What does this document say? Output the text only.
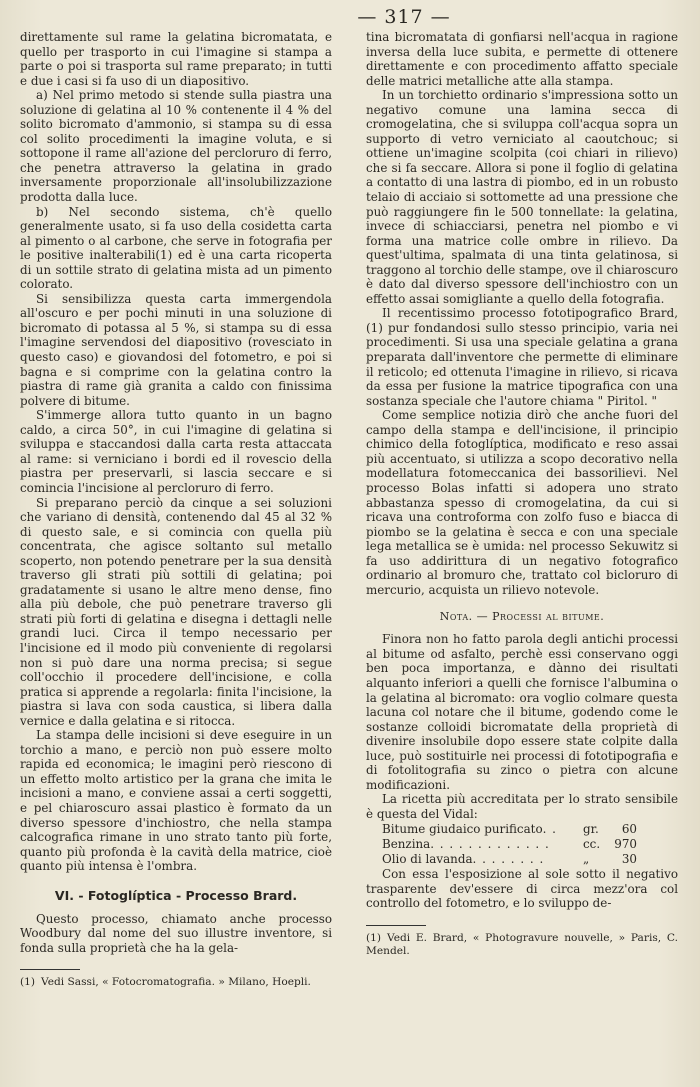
— 317 —

direttamente sul rame la gelatina bicromatata, e quello per trasporto in cui l'imagine si stampa a parte o poi si trasporta sul rame preparato; in tutti e due i casi si fa uso di un diapositivo.

a) Nel primo metodo si stende sulla piastra una soluzione di gelatina al 10 % contenente il 4 % del solito bicromato d'ammonio, si stampa su di essa col solito procedimenti la imagine voluta, e si sottopone il rame all'azione del percloruro di ferro, che penetra attraverso la gelatina in grado inversamente proporzionale all'insolubilizzazione prodotta dalla luce.

b) Nel secondo sistema, ch'è quello generalmente usato, si fa uso della cosidetta carta al pimento o al carbone, che serve in fotografia per le positive inalterabili(1) ed è una carta ricoperta di un sottile strato di gelatina mista ad un pimento colorato.

Si sensibilizza questa carta immergendola all'oscuro e per pochi minuti in una soluzione di bicromato di potassa al 5 %, si stampa su di essa l'imagine servendosi del diapositivo (rovesciato in questo caso) e giovandosi del fotometro, e poi si bagna e si comprime con la gelatina contro la piastra di rame già granita a caldo con finissima polvere di bitume.

S'immerge allora tutto quanto in un bagno caldo, a circa 50°, in cui l'imagine di gelatina si sviluppa e staccandosi dalla carta resta attaccata al rame: si verniciano i bordi ed il rovescio della piastra per preservarli, si lascia seccare e si comincia l'incisione al percloruro di ferro.

Si preparano perciò da cinque a sei soluzioni che variano di densità, contenendo dal 45 al 32 % di questo sale, e si comincia con quella più concentrata, che agisce soltanto sul metallo scoperto, non potendo penetrare per la sua densità traverso gli strati più sottili di gelatina; poi gradatamente si usano le altre meno dense, fino alla più debole, che può penetrare traverso gli strati più forti di gelatina e disegna i dettagli nelle grandi luci. Circa il tempo necessario per l'incisione ed il modo più conveniente di regolarsi non si può dare una norma precisa; si segue coll'occhio il procedere dell'incisione, e colla pratica si apprende a regolarla: finita l'incisione, la piastra si lava con soda caustica, si libera dalla vernice e dalla gelatina e si ritocca.

La stampa delle incisioni si deve eseguire in un torchio a mano, e perciò non può essere molto rapida ed economica; le imagini però riescono di un effetto molto artistico per la grana che imita le incisioni a mano, e conviene assai a certi soggetti, e pel chiaroscuro assai plastico è formato da un diverso spessore d'inchiostro, che nella stampa calcografica rimane in uno strato tanto più forte, quanto più profonda è la cavità della matrice, cioè quanto più intensa è l'ombra.

VI. - Fotoglíptica - Processo Brard.

Questo processo, chiamato anche processo Woodbury dal nome del suo illustre inventore, si fonda sulla proprietà che ha la gela-

(1) Vedi Sassi, « Fotocromatografia. » Milano, Hoepli.

tina bicromatata di gonfiarsi nell'acqua in ragione inversa della luce subita, e permette di ottenere direttamente e con procedimento affatto speciale delle matrici metalliche atte alla stampa.

In un torchietto ordinario s'impressiona sotto un negativo comune una lamina secca di cromogelatina, che si sviluppa coll'acqua sopra un supporto di vetro verniciato al caoutchouc; si ottiene un'imagine scolpita (coi chiari in rilievo) che si fa seccare. Allora si pone il foglio di gelatina a contatto di una lastra di piombo, ed in un robusto telaio di acciaio si sottomette ad una pressione che può raggiungere fin le 500 tonnellate: la gelatina, invece di schiacciarsi, penetra nel piombo e vi forma una matrice colle ombre in rilievo. Da quest'ultima, spalmata di una tinta gelatinosa, si traggono al torchio delle stampe, ove il chiaroscuro è dato dal diverso spessore dell'inchiostro con un effetto assai somigliante a quello della fotografia.

Il recentissimo processo fototipografico Brard,(1) pur fondandosi sullo stesso principio, varia nei procedimenti. Si usa una speciale gelatina a grana preparata dall'inventore che permette di eliminare il reticolo; ed ottenuta l'imagine in rilievo, si ricava da essa per fusione la matrice tipografica con una sostanza speciale che l'autore chiama " Piritol. "

Come semplice notizia dirò che anche fuori del campo della stampa e dell'incisione, il principio chimico della fotoglíptica, modificato e reso assai più accentuato, si utilizza a scopo decorativo nella modellatura fotomeccanica dei bassorilievi. Nel processo Bolas infatti si adopera uno strato abbastanza spesso di cromogelatina, da cui si ricava una controforma con zolfo fuso e biacca di piombo se la gelatina è secca e con una speciale lega metallica se è umida: nel processo Sekuwitz si fa uso addirittura di un negativo fotografico ordinario al bromuro che, trattato col bicloruro di mercurio, acquista un rilievo notevole.

Nota. — Processi al bitume.

Finora non ho fatto parola degli antichi processi al bitume od asfalto, perchè essi conservano oggi ben poca importanza, e dànno dei risultati alquanto inferiori a quelli che fornisce l'albumina o la gelatina al bicromato: ora voglio colmare questa lacuna col notare che il bitume, godendo come le sostanze colloidi bicromatate della proprietà di divenire insolubile dopo essere state colpite dalla luce, può sostituirle nei processi di fototipografia e di fotolitografia su zinco o pietra con alcune modificazioni.

La ricetta più accreditata per lo strato sensibile è questa del Vidal:

Bitume giudaico purificato . .	gr.	60
Benzina . . . . . . . . . . . . .	cc.	970
Olio di lavanda . . . . . . . .	„	30

Con essa l'esposizione al sole sotto il negativo trasparente dev'essere di circa mezz'ora col controllo del fotometro, e lo sviluppo de-

(1) Vedi E. Brard, « Photogravure nouvelle, » Paris, C. Mendel.
